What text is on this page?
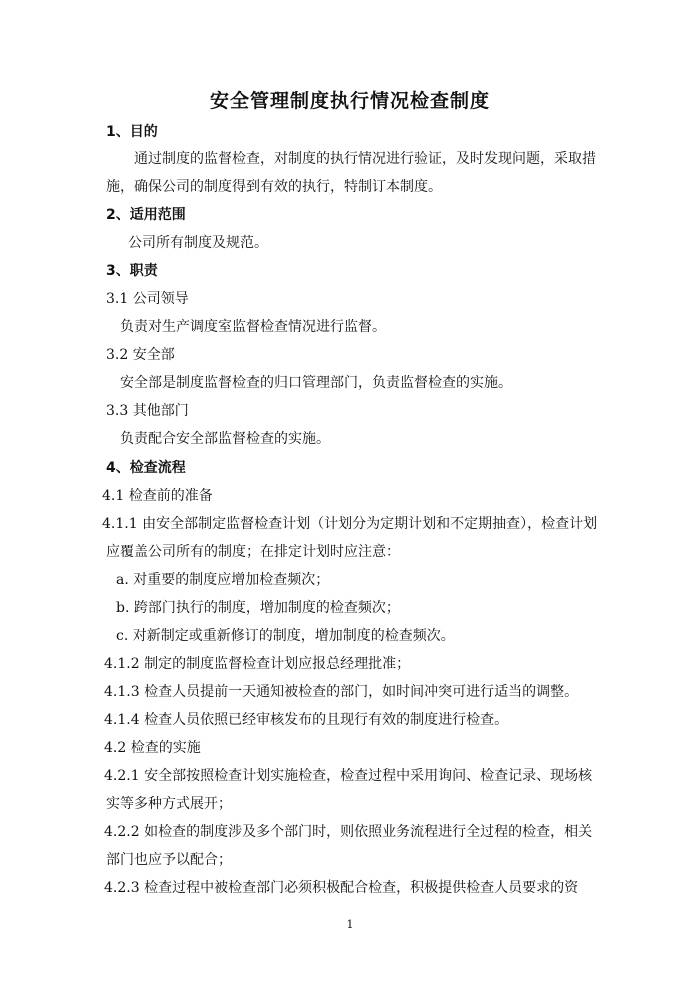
安全管理制度执行情况检查制度
1、目的
通过制度的监督检查，对制度的执行情况进行验证，及时发现问题，采取措
施，确保公司的制度得到有效的执行，特制订本制度。
2、适用范围
公司所有制度及规范。
3、职责
3.1 公司领导
负责对生产调度室监督检查情况进行监督。
3.2 安全部
安全部是制度监督检查的归口管理部门，负责监督检查的实施。
3.3 其他部门
负责配合安全部监督检查的实施。
4、检查流程
4.1 检查前的准备
4.1.1 由安全部制定监督检查计划（计划分为定期计划和不定期抽查），检查计划
应覆盖公司所有的制度；在排定计划时应注意：
a. 对重要的制度应增加检查频次；
b. 跨部门执行的制度，增加制度的检查频次；
c. 对新制定或重新修订的制度，增加制度的检查频次。
4.1.2 制定的制度监督检查计划应报总经理批准；
4.1.3 检查人员提前一天通知被检查的部门，如时间冲突可进行适当的调整。
4.1.4 检查人员依照已经审核发布的且现行有效的制度进行检查。
4.2 检查的实施
4.2.1 安全部按照检查计划实施检查，检查过程中采用询问、检查记录、现场核
实等多种方式展开；
4.2.2 如检查的制度涉及多个部门时，则依照业务流程进行全过程的检查，相关
部门也应予以配合；
4.2.3 检查过程中被检查部门必须积极配合检查，积极提供检查人员要求的资
1
